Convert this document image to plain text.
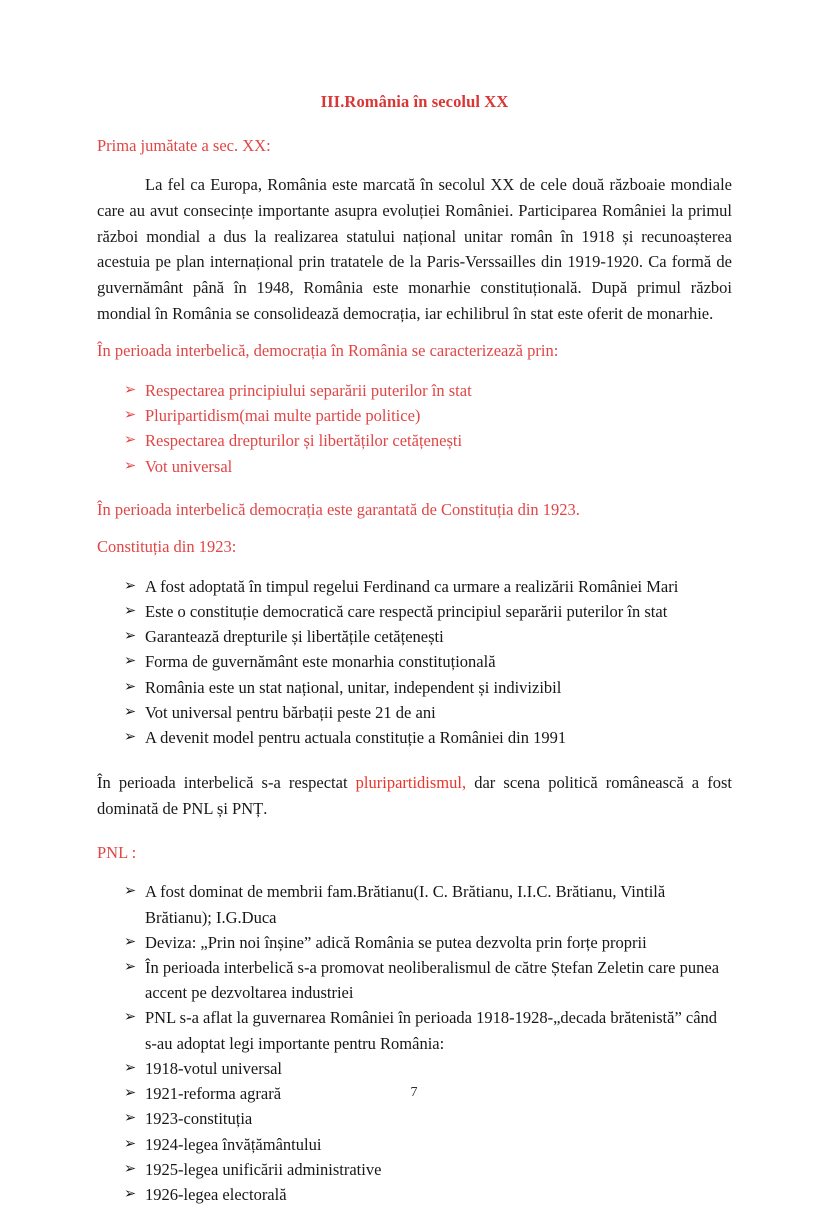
III.România în secolul XX

Prima jumătate a sec. XX:

La fel ca Europa, România este marcată în secolul XX de cele două războaie mondiale care au avut consecințe importante asupra evoluției României. Participarea României la primul război mondial a dus la realizarea statului național unitar român în 1918 și recunoașterea acestuia pe plan internațional prin tratatele de la Paris-Verssailles din 1919-1920. Ca formă de guvernământ până în 1948, România este monarhie constituțională. După primul război mondial în România se consolidează democrația, iar echilibrul în stat este oferit de monarhie.

În perioada interbelică, democrația în România se caracterizează prin:

➢ Respectarea principiului separării puterilor în stat
➢ Pluripartidism(mai multe partide politice)
➢ Respectarea drepturilor și libertăților cetățenești
➢ Vot universal

În perioada interbelică democrația este garantată de Constituția din 1923.

Constituția din 1923:

➢ A fost adoptată în timpul regelui Ferdinand ca urmare a realizării României Mari
➢ Este o constituție democratică care respectă principiul separării puterilor în stat
➢ Garantează drepturile și libertățile cetățenești
➢ Forma de guvernământ este monarhia constituțională
➢ România este un stat național, unitar, independent și indivizibil
➢ Vot universal pentru bărbații peste 21 de ani
➢ A devenit model pentru actuala constituție a României din 1991

În perioada interbelică s-a respectat pluripartidismul, dar scena politică românească a fost dominată de PNL și PNȚ.

PNL :

➢ A fost dominat de membrii fam.Brătianu(I. C. Brătianu, I.I.C. Brătianu, Vintilă Brătianu); I.G.Duca
➢ Deviza: „Prin noi înșine” adică România se putea dezvolta prin forțe proprii
➢ În perioada interbelică s-a promovat neoliberalismul de către Ștefan Zeletin care punea accent pe dezvoltarea industriei
➢ PNL s-a aflat la guvernarea României în perioada 1918-1928-„decada brătenistă” când s-au adoptat legi importante pentru România:
➢ 1918-votul universal
➢ 1921-reforma agrară
➢ 1923-constituția
➢ 1924-legea învățământului
➢ 1925-legea unificării administrative
➢ 1926-legea electorală
7
